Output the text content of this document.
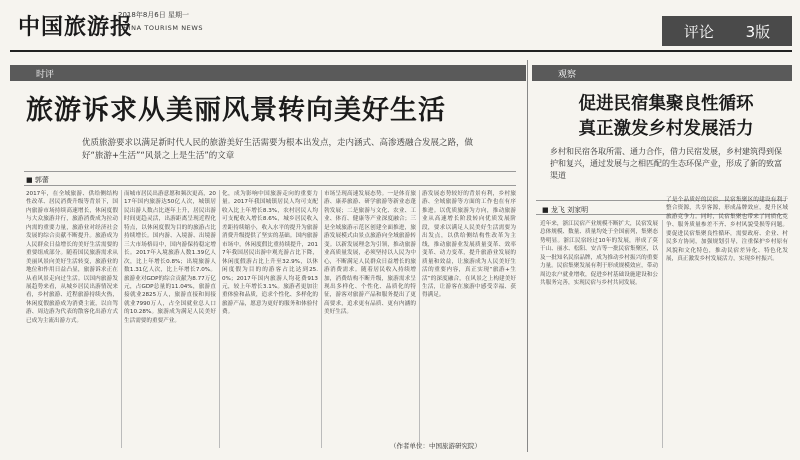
中国旅游报
2018年8月6日 星期一
CHINA TOURISM NEWS	评论 3版
时评	观察
旅游诉求从美丽风景转向美好生活
优质旅游要求以满足新时代人民的旅游美好生活需要为根本出发点，走内涵式、高渗透融合发展之路，做好“旅游+生活”“风景之上是生活”的文章
■ 郭蕾
2017年，在全域旅游、供给侧结构性改革、居民消费升级等背景下，国内旅游市场持续高速增长，休闲度假与大众旅游并行，旅游消费成为拉动内需的重要力量，旅游业对经济社会发展的综合贡献不断提升。旅游成为人民群众日益增长的美好生活需要的重要组成部分。随着国民旅游需求从美丽风景向美好生活转变，旅游业的地位和作用日益凸显，旅游诉求正在从看风景走向过生活。以国内旅游发展趋势来看，从城乡居民出游情况来看，乡村旅游、近程旅游持续火热，休闲度假旅游成为消费主流，以自驾游、周边游为代表的散客化出游方式已成为主流出游方式。
而城市居民出游意愿和频次更高，2017年国内旅游达50亿人次，城镇居民出游人数占比逐年上升，居民出游时间更趋灵活，出游距离呈现近程化特点，以休闲度假为目的的旅游占比持续增长。国内游、入境游、出境游三大市场格局中，国内游保持稳定增长。2017年入境旅游人数1.39亿人次，比上年增长0.8%；出境旅游人数1.31亿人次，比上年增长7.0%。旅游业对GDP的综合贡献为8.77万亿元，占GDP总量的11.04%，旅游直接就业2825万人，旅游直接和间接就业7990万人，占全国就业总人口的10.28%。旅游成为满足人民美好生活需要的重要产业。
化，成为影响中国旅游走向的重要力量。2017年我国城镇居民人均可支配收入比上年增长8.3%，农村居民人均可支配收入增长8.6%，城乡居民收入差距持续缩小，收入水平的提升为旅游消费升级提供了坚实的基础。国内旅游市场中，休闲度假比重持续提升，2017年我国居民出游中观光游占比下降，休闲度假游占比上升至32.9%，以休闲度假为目的的游客占比达到25.0%；2017年国内旅游人均花费913元，较上年增长3.1%。旅游者更加注重体验和品质，追求个性化、多样化的旅游产品，愿意为更好的服务和体验付费。
市场呈现高速发展态势。一是体育旅游、康养旅游、研学旅游等新业态蓬勃发展；二是旅游与文化、农业、工业、体育、健康等产业深度融合；三是全域旅游示范区创建全面推进，旅游发展模式由景点旅游向全域旅游转变。以新发展理念为引领，推动旅游业高质量发展，必须坚持以人民为中心，不断满足人民群众日益增长的旅游消费需求。随着居民收入持续增加，消费结构不断升级，旅游需求呈现出多样化、个性化、品质化的特征，游客对旅游产品和服务提出了更高要求，追求更有品质、更有内涵的美好生活。
游发展态势较好的背景有利，乡村旅游、全域旅游等方面的工作也在有序推进。以优质旅游为方向，推动旅游业从高速增长阶段转向优质发展阶段，要求以满足人民美好生活需要为出发点，以供给侧结构性改革为主线，推动旅游业发展质量变革、效率变革、动力变革，提升旅游业发展的质量和效益，让旅游成为人民美好生活的重要内容，真正实现“旅游+生活”的深度融合，在风景之上构建美好生活，让游客在旅游中感受幸福、获得满足。
（作者单位：中国旅游研究院）
促进民宿集聚良性循环
真正激发乡村发展活力
乡村和民宿各取所需、通力合作，借力民宿发展，乡村建筑得到保护和复兴，通过发展与之相匹配的生态环保产业，形成了新的致富渠道
■ 龙飞 刘家明
近年来，浙江民宿产业规模不断扩大，民宿发展总体规模、数量、质量均处于全国前列，集聚态势明显。浙江民宿经过10年的发展，形成了莫干山、丽水、松阳、安吉等一批民宿集聚区，以及一批知名民宿品牌，成为推动乡村振兴的重要力量。民宿集聚发展有利于形成规模效应，带动周边农户就业增收，促进乡村基础设施建设和公共服务完善，实现民宿与乡村共同发展。
了是个品质好的民宿。民宿集聚区的建设有利于整合资源，共享客源，形成品牌效应，提升区域旅游竞争力。同时，民宿集聚也带来了同质化竞争、服务质量参差不齐、乡村风貌受损等问题。要促进民宿集聚良性循环，需要政府、企业、村民多方协同，加强规划引导，注重保护乡村原有风貌和文化特色，推动民宿差异化、特色化发展，真正激发乡村发展活力，实现乡村振兴。
